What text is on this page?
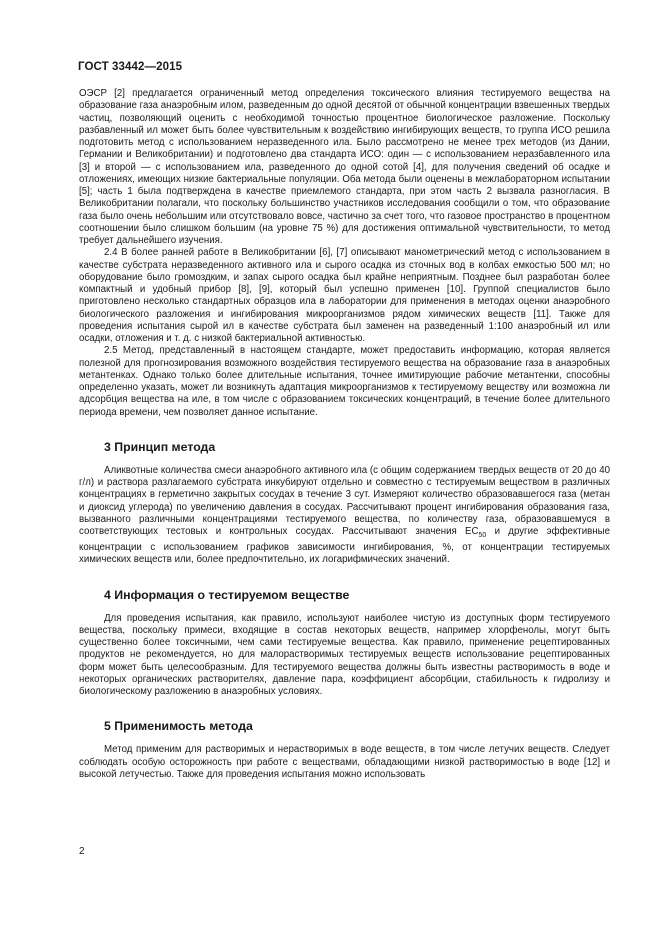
ГОСТ 33442—2015

ОЭСР [2] предлагается ограниченный метод определения токсического влияния тестируемого вещества на образование газа анаэробным илом, разведенным до одной десятой от обычной концентрации взвешенных твердых частиц, позволяющий оценить с необходимой точностью процентное биологическое разложение. Поскольку разбавленный ил может быть более чувствительным к воздействию ингибирующих веществ, то группа ИСО решила подготовить метод с использованием неразведенного ила. Было рассмотрено не менее трех методов (из Дании, Германии и Великобритании) и подготовлено два стандарта ИСО: один — с использованием неразбавленного ила [3] и второй — с использованием ила, разведенного до одной сотой [4], для получения сведений об осадке и отложениях, имеющих низкие бактериальные популяции. Оба метода были оценены в межлабораторном испытании [5]; часть 1 была подтверждена в качестве приемлемого стандарта, при этом часть 2 вызвала разногласия. В Великобритании полагали, что поскольку большинство участников исследования сообщили о том, что образование газа было очень небольшим или отсутствовало вовсе, частично за счет того, что газовое пространство в процентном соотношении было слишком большим (на уровне 75 %) для достижения оптимальной чувствительности, то метод требует дальнейшего изучения.

2.4 В более ранней работе в Великобритании [6], [7] описывают манометрический метод с использованием в качестве субстрата неразведенного активного ила и сырого осадка из сточных вод в колбах емкостью 500 мл; но оборудование было громоздким, и запах сырого осадка был крайне неприятным. Позднее был разработан более компактный и удобный прибор [8], [9], который был успешно применен [10]. Группой специалистов было приготовлено несколько стандартных образцов ила в лаборатории для применения в методах оценки анаэробного биологического разложения и ингибирования микроорганизмов рядом химических веществ [11]. Также для проведения испытания сырой ил в качестве субстрата был заменен на разведенный 1:100 анаэробный ил или осадки, отложения и т. д. с низкой бактериальной активностью.

2.5 Метод, представленный в настоящем стандарте, может предоставить информацию, которая является полезной для прогнозирования возможного воздействия тестируемого вещества на образование газа в анаэробных метантенках. Однако только более длительные испытания, точнее имитирующие рабочие метантенки, способны определенно указать, может ли возникнуть адаптация микроорганизмов к тестируемому веществу или возможна ли адсорбция вещества на иле, в том числе с образованием токсических концентраций, в течение более длительного периода времени, чем позволяет данное испытание.

3 Принцип метода

Аликвотные количества смеси анаэробного активного ила (с общим содержанием твердых веществ от 20 до 40 г/л) и раствора разлагаемого субстрата инкубируют отдельно и совместно с тестируемым веществом в различных концентрациях в герметично закрытых сосудах в течение 3 сут. Измеряют количество образовавшегося газа (метан и диоксид углерода) по увеличению давления в сосудах. Рассчитывают процент ингибирования образования газа, вызванного различными концентрациями тестируемого вещества, по количеству газа, образовавшемуся в соответствующих тестовых и контрольных сосудах. Рассчитывают значения $EC_{50}$ и другие эффективные концентрации с использованием графиков зависимости ингибирования, %, от концентрации тестируемых химических веществ или, более предпочтительно, их логарифмических значений.

4 Информация о тестируемом веществе

Для проведения испытания, как правило, используют наиболее чистую из доступных форм тестируемого вещества, поскольку примеси, входящие в состав некоторых веществ, например хлорфенолы, могут быть существенно более токсичными, чем сами тестируемые вещества. Как правило, применение рецептированных продуктов не рекомендуется, но для малорастворимых тестируемых веществ использование рецептированных форм может быть целесообразным. Для тестируемого вещества должны быть известны растворимость в воде и некоторых органических растворителях, давление пара, коэффициент абсорбции, стабильность к гидролизу и биологическому разложению в анаэробных условиях.

5 Применимость метода

Метод применим для растворимых и нерастворимых в воде веществ, в том числе летучих веществ. Следует соблюдать особую осторожность при работе с веществами, обладающими низкой растворимостью в воде [12] и высокой летучестью. Также для проведения испытания можно использовать

2
